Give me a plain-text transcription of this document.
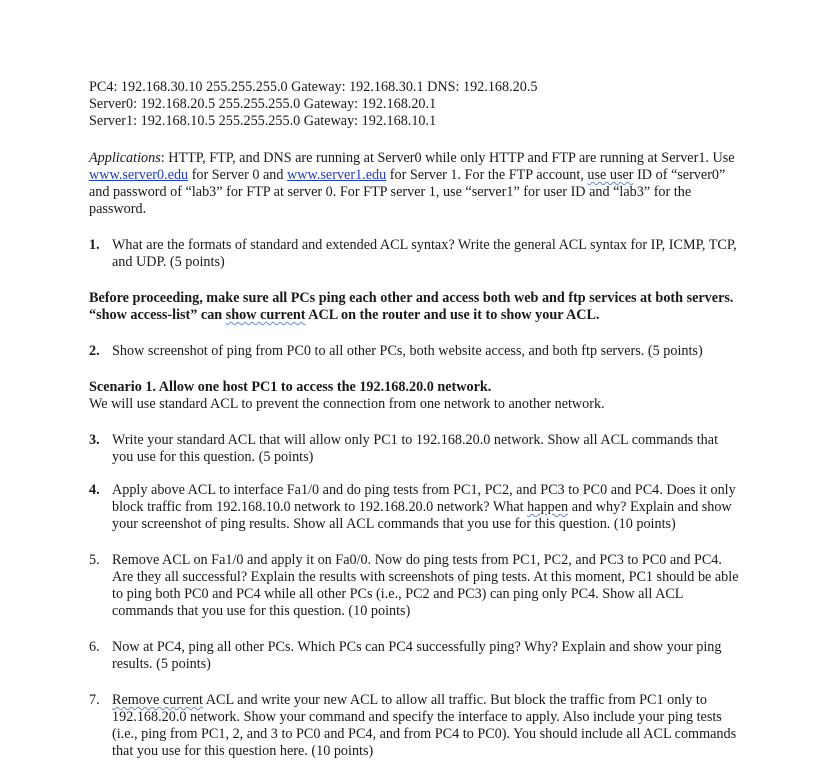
PC4: 192.168.30.10 255.255.255.0 Gateway: 192.168.30.1 DNS: 192.168.20.5
Server0: 192.168.20.5 255.255.255.0 Gateway: 192.168.20.1
Server1: 192.168.10.5 255.255.255.0 Gateway: 192.168.10.1

Applications: HTTP, FTP, and DNS are running at Server0 while only HTTP and FTP are running at Server1. Use www.server0.edu for Server 0 and www.server1.edu for Server 1. For the FTP account, use user ID of “server0” and password of “lab3” for FTP at server 0. For FTP server 1, use “server1” for user ID and “lab3” for the password.

1. What are the formats of standard and extended ACL syntax? Write the general ACL syntax for IP, ICMP, TCP, and UDP. (5 points)

Before proceeding, make sure all PCs ping each other and access both web and ftp services at both servers. “show access-list” can show current ACL on the router and use it to show your ACL.

2. Show screenshot of ping from PC0 to all other PCs, both website access, and both ftp servers. (5 points)

Scenario 1. Allow one host PC1 to access the 192.168.20.0 network.
We will use standard ACL to prevent the connection from one network to another network.

3. Write your standard ACL that will allow only PC1 to 192.168.20.0 network. Show all ACL commands that you use for this question. (5 points)

4. Apply above ACL to interface Fa1/0 and do ping tests from PC1, PC2, and PC3 to PC0 and PC4. Does it only block traffic from 192.168.10.0 network to 192.168.20.0 network? What happen and why? Explain and show your screenshot of ping results. Show all ACL commands that you use for this question. (10 points)

5. Remove ACL on Fa1/0 and apply it on Fa0/0. Now do ping tests from PC1, PC2, and PC3 to PC0 and PC4. Are they all successful? Explain the results with screenshots of ping tests. At this moment, PC1 should be able to ping both PC0 and PC4 while all other PCs (i.e., PC2 and PC3) can ping only PC4. Show all ACL commands that you use for this question. (10 points)

6. Now at PC4, ping all other PCs. Which PCs can PC4 successfully ping? Why? Explain and show your ping results. (5 points)

7. Remove current ACL and write your new ACL to allow all traffic. But block the traffic from PC1 only to 192.168.20.0 network. Show your command and specify the interface to apply. Also include your ping tests (i.e., ping from PC1, 2, and 3 to PC0 and PC4, and from PC4 to PC0). You should include all ACL commands that you use for this question here. (10 points)
